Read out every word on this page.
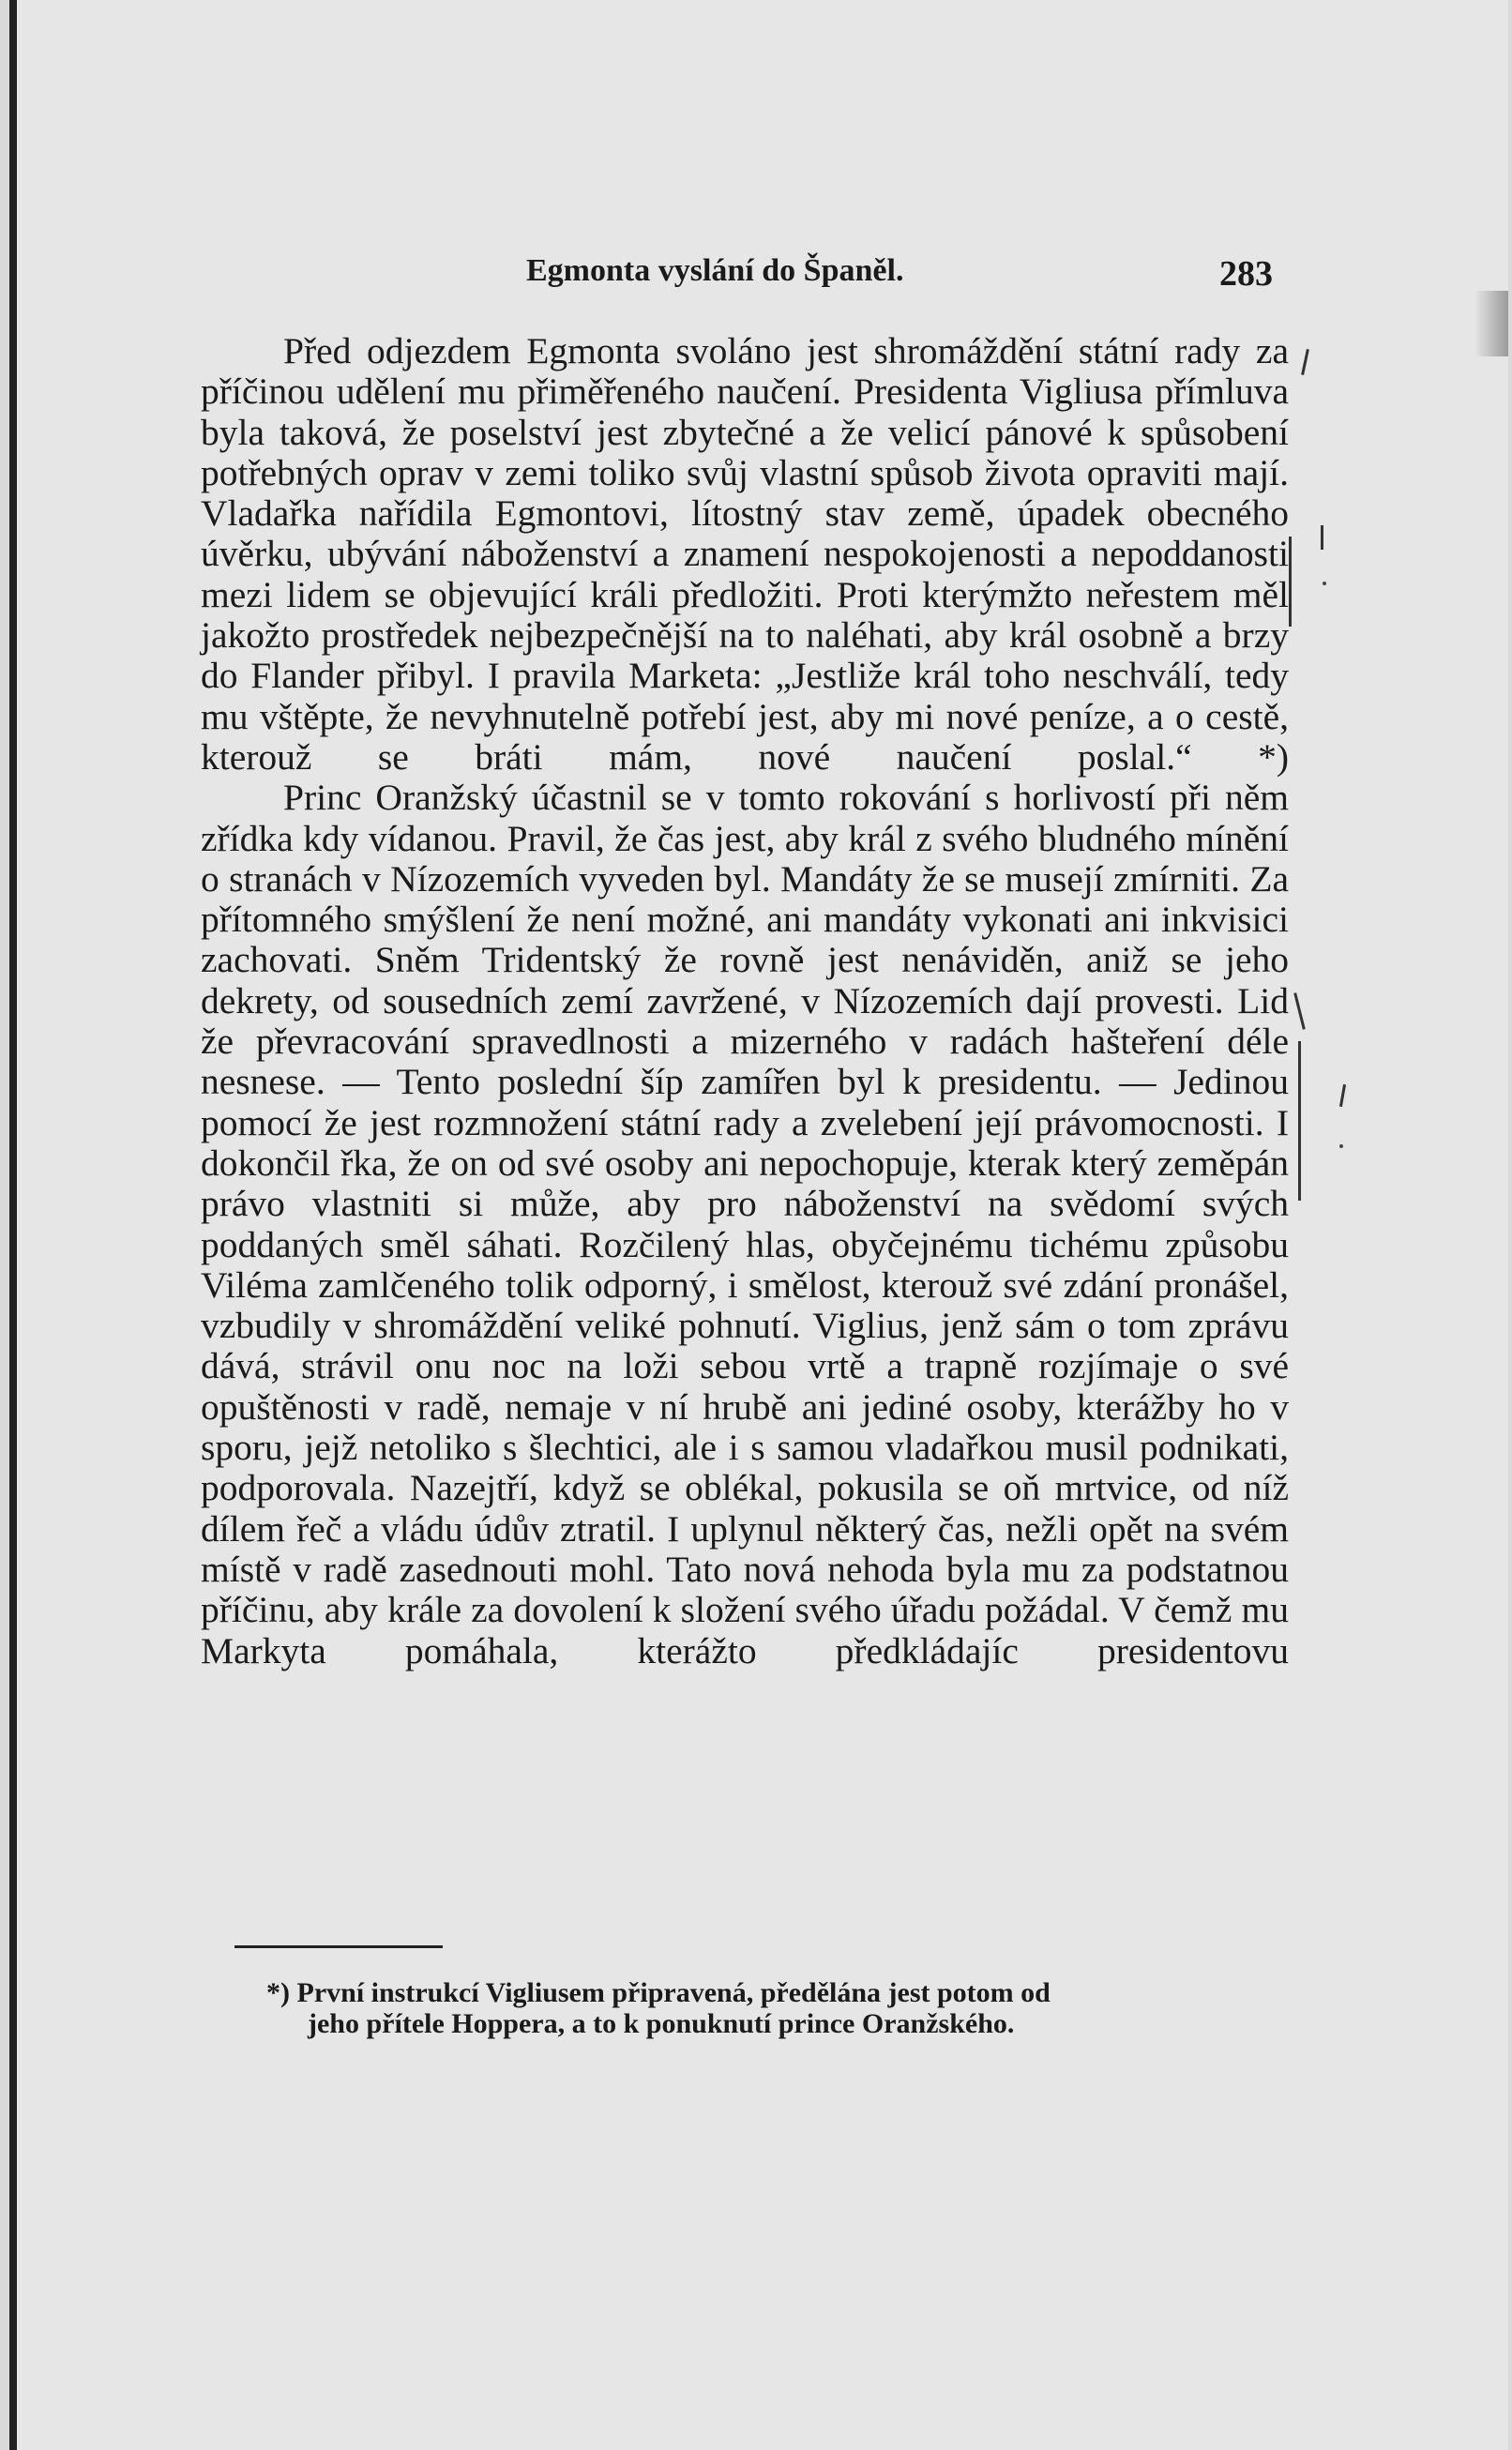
Egmonta vyslání do Španěl.	283

Před odjezdem Egmonta svoláno jest shromáždění státní rady za příčinou udělení mu přiměřeného naučení. Presidenta Vigliusa přímluva byla taková, že poselství jest zbytečné a že velicí pánové k spůsobení potřebných oprav v zemi toliko svůj vlastní spůsob života opraviti mají. Vladařka nařídila Egmontovi, lítostný stav země, úpadek obecného úvěrku, ubývání náboženství a znamení nespokojenosti a nepoddanosti mezi lidem se objevující králi předložiti. Proti kterýmžto neřestem měl jakožto prostředek nejbezpečnější na to naléhati, aby král osobně a brzy do Flander přibyl. I pravila Marketa: „Jestliže král toho neschválí, tedy mu vštěpte, že nevyhnutelně potřebí jest, aby mi nové peníze, a o cestě, kterouž se bráti mám, nové naučení poslal.“ *)

Princ Oranžský účastnil se v tomto rokování s horlivostí při něm zřídka kdy vídanou. Pravil, že čas jest, aby král z svého bludného mínění o stranách v Nízozemích vyveden byl. Mandáty že se musejí zmírniti. Za přítomného smýšlení že není možné, ani mandáty vykonati ani inkvisici zachovati. Sněm Tridentský že rovně jest nenáviděn, aniž se jeho dekrety, od sousedních zemí zavržené, v Nízozemích dají provesti. Lid že převracování spravedlnosti a mizerného v radách hašteření déle nesnese. — Tento poslední šíp zamířen byl k presidentu. — Jedinou pomocí že jest rozmnožení státní rady a zvelebení její právomocnosti. I dokončil řka, že on od své osoby ani nepochopuje, kterak který zeměpán právo vlastniti si může, aby pro náboženství na svědomí svých poddaných směl sáhati. Rozčilený hlas, obyčejnému tichému způsobu Viléma zamlčeného tolik odporný, i smělost, kterouž své zdání pronášel, vzbudily v shromáždění veliké pohnutí. Viglius, jenž sám o tom zprávu dává, strávil onu noc na loži sebou vrtě a trapně rozjímaje o své opuštěnosti v radě, nemaje v ní hrubě ani jediné osoby, kterážby ho v sporu, jejž netoliko s šlechtici, ale i s samou vladařkou musil podnikati, podporovala. Nazejtří, když se oblékal, pokusila se oň mrtvice, od níž dílem řeč a vládu údův ztratil. I uplynul některý čas, nežli opět na svém místě v radě zasednouti mohl. Tato nová nehoda byla mu za podstatnou příčinu, aby krále za dovolení k složení svého úřadu požádal. V čemž mu Markyta pomáhala, kterážto předkládajíc presidentovu

*) První instrukcí Vigliusem připravená, předělána jest potom od
jeho přítele Hoppera, a to k ponuknutí prince Oranžského.
